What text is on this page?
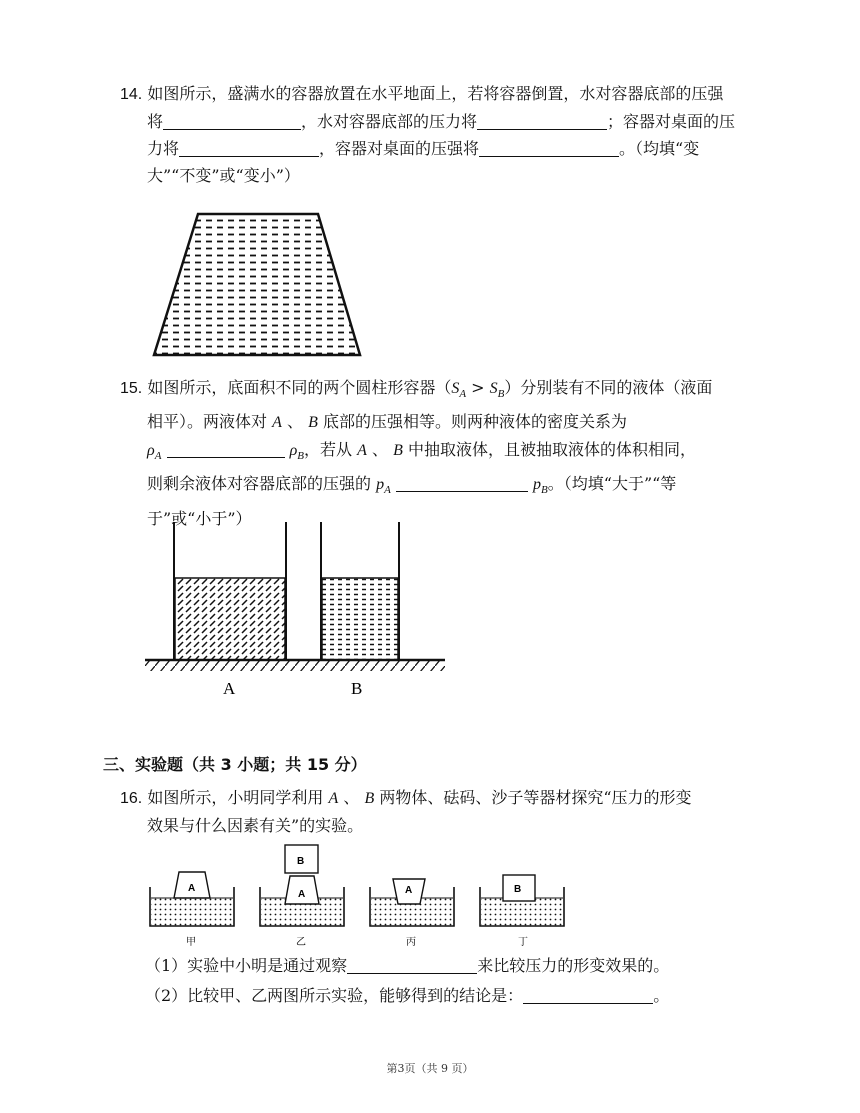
14. 如图所示，盛满水的容器放置在水平地面上，若将容器倒置，水对容器底部的压强
将	，水对容器底部的压力将	；容器对桌面的压
力将	，容器对桌面的压强将	。（均填“变
大”“不变”或“变小”）
15. 如图所示，底面积不同的两个圆柱形容器$(S_A > S_B)$分别装有不同的液体（液面
相平）。两液体对 A 、 B 底部的压强相等。则两种液体的密度关系为
$\rho_A$	$\rho_B$，若从 A 、 B 中抽取液体，且被抽取液体的体积相同，
则剩余液体对容器底部的压强的 $p_A$	$p_B$。（均填“大于”“等
于”或“小于”）
A	B
三、实验题（共 3 小题；共 15 分）
16. 如图所示，小明同学利用 A 、 B 两物体、砝码、沙子等器材探究“压力的形变
效果与什么因素有关”的实验。
A
甲
A
B
乙
A
丙
B
丁
（1）实验中小明是通过观察	来比较压力的形变效果的。
（2）比较甲、乙两图所示实验，能够得到的结论是：	。
第3页（共 9 页）
